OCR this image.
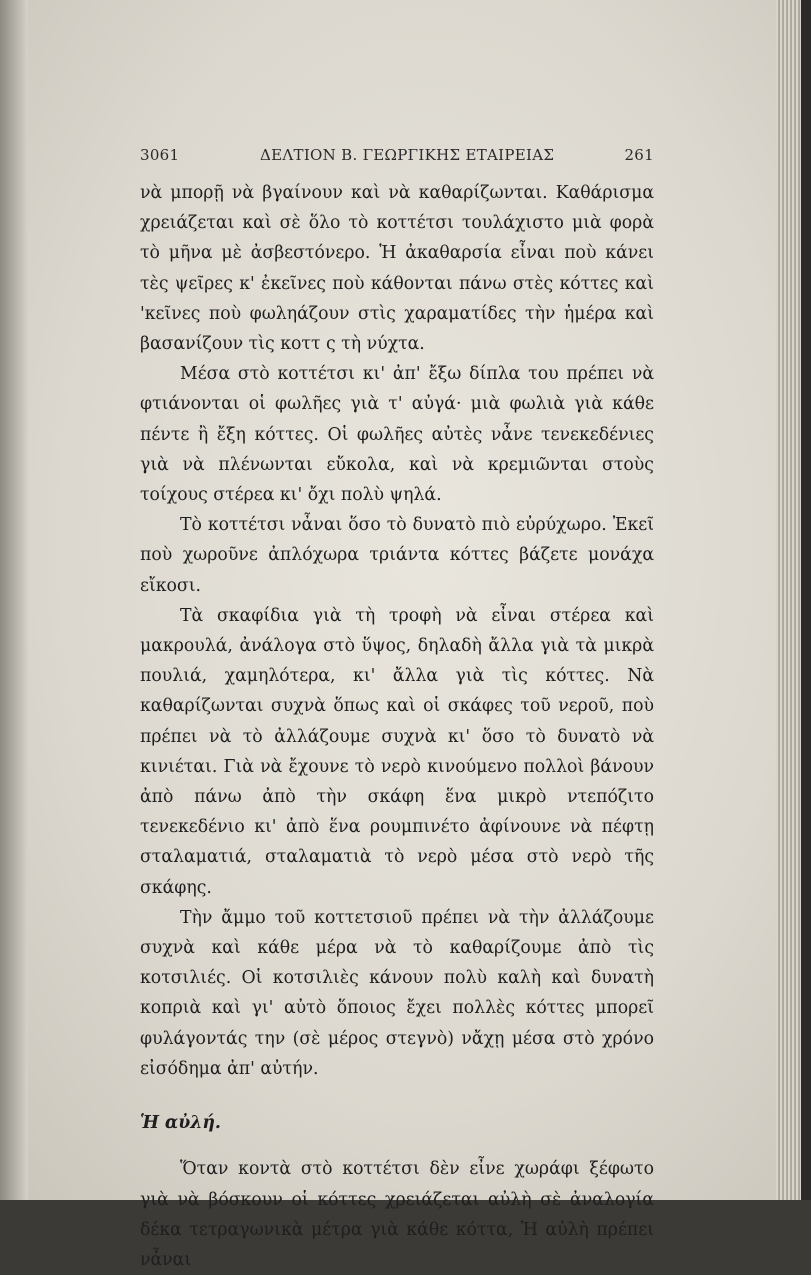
3061	ΔΕΛΤΙΟΝ Β. ΓΕΩΡΓΙΚΗΣ ΕΤΑΙΡΕΙΑΣ	261

νὰ μπορῇ νὰ βγαίνουν καὶ νὰ καθαρίζωνται. Καθάρισμα χρειάζεται καὶ σὲ ὅλο τὸ κοττέτσι τουλάχιστο μιὰ φορὰ τὸ μῆνα μὲ ἀσβεστόνερο. Ἡ ἀκαθαρσία εἶναι ποὺ κάνει τὲς ψεῖρες κ' ἐκεῖνες ποὺ κάθονται πάνω στὲς κόττες καὶ 'κεῖνες ποὺ φωληάζουν στὶς χαραματίδες τὴν ἡμέρα καὶ βασανίζουν τὶς κοττ ς τὴ νύχτα.

Μέσα στὸ κοττέτσι κι' ἀπ' ἔξω δίπλα του πρέπει νὰ φτιάνονται οἱ φωλῆες γιὰ τ' αὐγά· μιὰ φωλιὰ γιὰ κάθε πέντε ἢ ἔξη κόττες. Οἱ φωλῆες αὐτὲς νἆνε τενεκεδένιες γιὰ νὰ πλένωνται εὔκολα, καὶ νὰ κρεμιῶνται στοὺς τοίχους στέρεα κι' ὄχι πολὺ ψηλά.

Τὸ κοττέτσι νἆναι ὅσο τὸ δυνατὸ πιὸ εὐρύχωρο. Ἐκεῖ ποὺ χωροῦνε ἀπλόχωρα τριάντα κόττες βάζετε μονάχα εἴκοσι.

Τὰ σκαφίδια γιὰ τὴ τροφὴ νὰ εἶναι στέρεα καὶ μακρουλά, ἀνάλογα στὸ ὕψος, δηλαδὴ ἄλλα γιὰ τὰ μικρὰ πουλιά, χαμηλότερα, κι' ἄλλα γιὰ τὶς κόττες. Νὰ καθαρίζωνται συχνὰ ὅπως καὶ οἱ σκάφες τοῦ νεροῦ, ποὺ πρέπει νὰ τὸ ἀλλάζουμε συχνὰ κι' ὅσο τὸ δυνατὸ νὰ κινιέται. Γιὰ νὰ ἔχουνε τὸ νερὸ κινούμενο πολλοὶ βάνουν ἀπὸ πάνω ἀπὸ τὴν σκάφη ἕνα μικρὸ ντεπόζιτο τενεκεδένιο κι' ἀπὸ ἕνα ρουμπινέτο ἀφίνουνε νὰ πέφτῃ σταλαματιά, σταλαματιὰ τὸ νερὸ μέσα στὸ νερὸ τῆς σκάφης.

Τὴν ἄμμο τοῦ κοττετσιοῦ πρέπει νὰ τὴν ἀλλάζουμε συχνὰ καὶ κάθε μέρα νὰ τὸ καθαρίζουμε ἀπὸ τὶς κοτσιλιές. Οἱ κοτσιλιὲς κάνουν πολὺ καλὴ καὶ δυνατὴ κοπριὰ καὶ γι' αὐτὸ ὅποιος ἔχει πολλὲς κόττες μπορεῖ φυλάγοντάς την (σὲ μέρος στεγνὸ) νἄχῃ μέσα στὸ χρόνο εἰσόδημα ἀπ' αὐτήν.

Ἡ αὐλή.

Ὅταν κοντὰ στὸ κοττέτσι δὲν εἶνε χωράφι ξέφωτο γιὰ νὰ βόσκουν οἱ κόττες χρειάζεται αὐλὴ σὲ ἀναλογία δέκα τετραγωνικὰ μέτρα γιὰ κάθε κόττα, Ἡ αὐλὴ πρέπει νἆναι
